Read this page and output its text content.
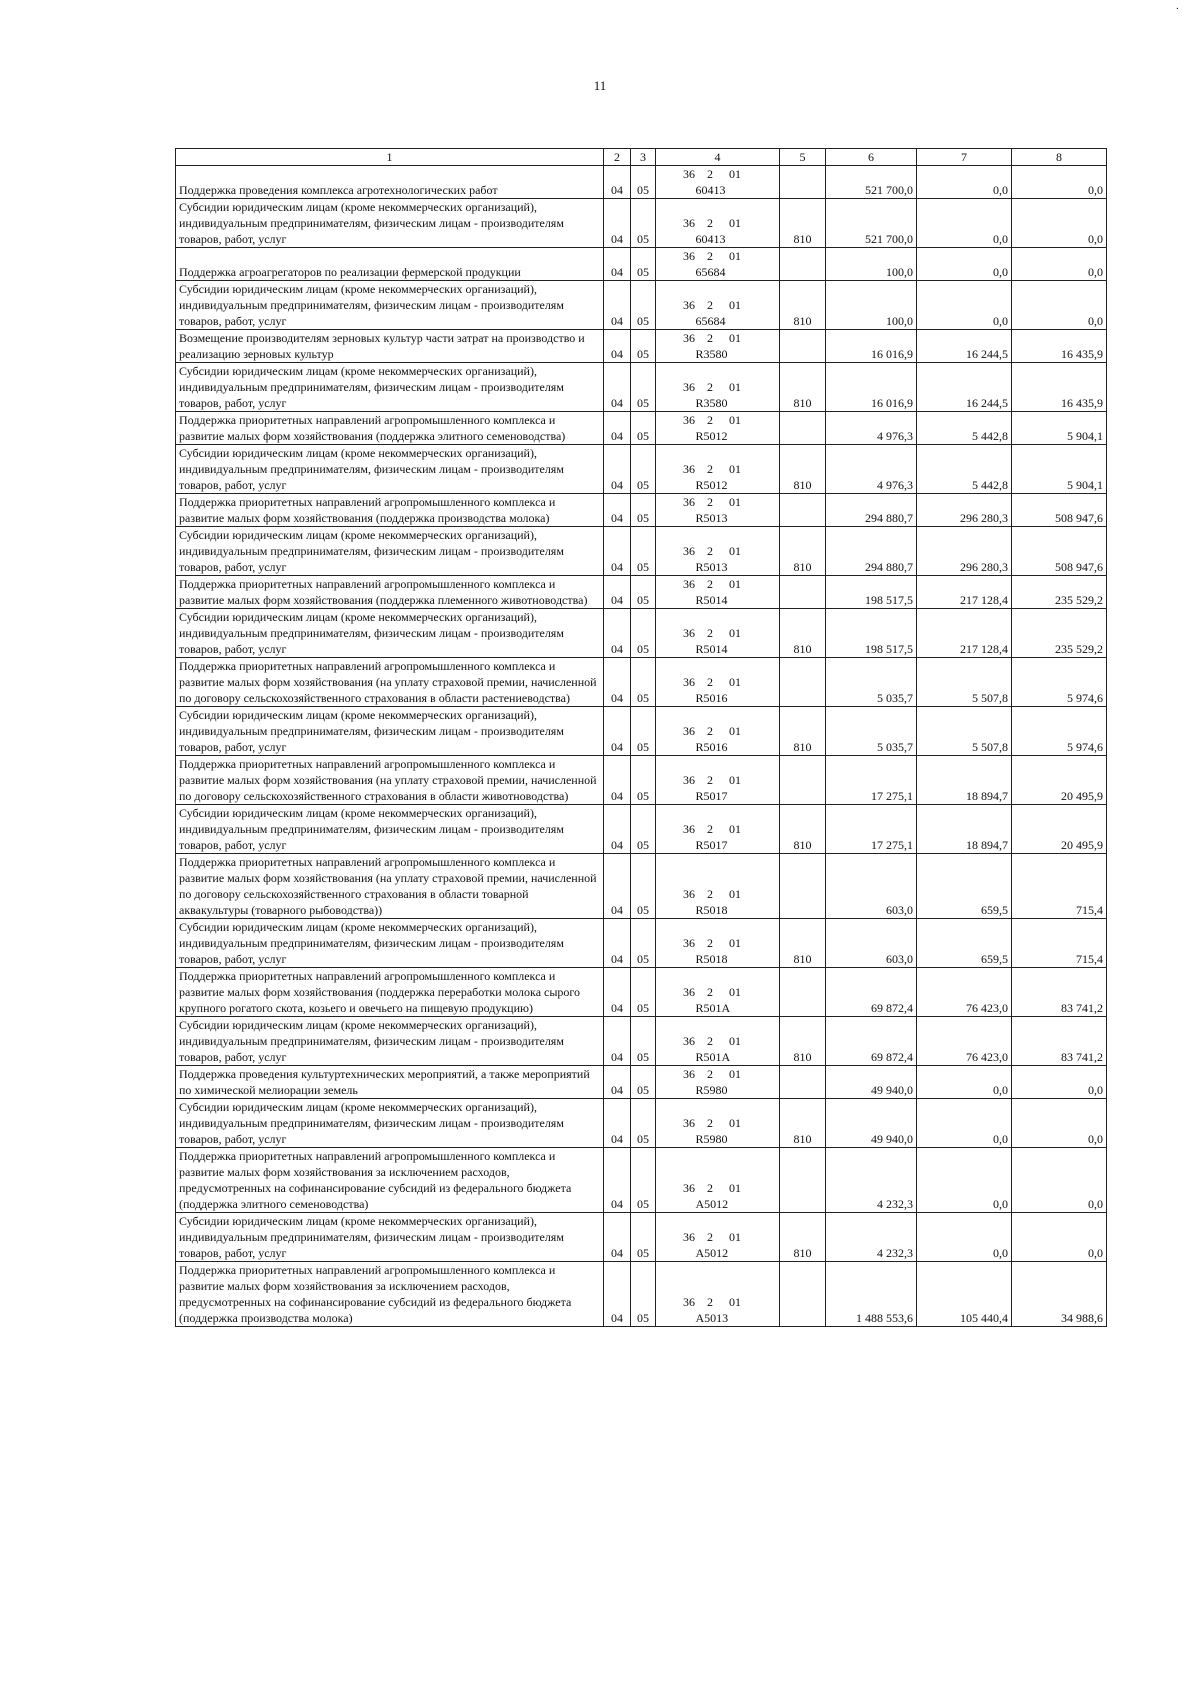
.
11
1	2	3	4	5	6	7	8
Поддержка проведения комплекса агротехнологических работ	04	05	36 2 0160413		521 700,0	0,0	0,0
Субсидии юридическим лицам (кроме некоммерческих организаций), индивидуальным предпринимателям, физическим лицам - производителям товаров, работ, услуг	04	05	36 2 0160413	810	521 700,0	0,0	0,0
Поддержка агроагрегаторов по реализации фермерской продукции	04	05	36 2 0165684		100,0	0,0	0,0
Субсидии юридическим лицам (кроме некоммерческих организаций), индивидуальным предпринимателям, физическим лицам - производителям товаров, работ, услуг	04	05	36 2 0165684	810	100,0	0,0	0,0
Возмещение производителям зерновых культур части затрат на производство и реализацию зерновых культур	04	05	36 2 01R3580		16 016,9	16 244,5	16 435,9
Субсидии юридическим лицам (кроме некоммерческих организаций), индивидуальным предпринимателям, физическим лицам - производителям товаров, работ, услуг	04	05	36 2 01R3580	810	16 016,9	16 244,5	16 435,9
Поддержка приоритетных направлений агропромышленного комплекса и развитие малых форм хозяйствования (поддержка элитного семеноводства)	04	05	36 2 01R5012		4 976,3	5 442,8	5 904,1
Субсидии юридическим лицам (кроме некоммерческих организаций), индивидуальным предпринимателям, физическим лицам - производителям товаров, работ, услуг	04	05	36 2 01R5012	810	4 976,3	5 442,8	5 904,1
Поддержка приоритетных направлений агропромышленного комплекса и развитие малых форм хозяйствования (поддержка производства молока)	04	05	36 2 01R5013		294 880,7	296 280,3	508 947,6
Субсидии юридическим лицам (кроме некоммерческих организаций), индивидуальным предпринимателям, физическим лицам - производителям товаров, работ, услуг	04	05	36 2 01R5013	810	294 880,7	296 280,3	508 947,6
Поддержка приоритетных направлений агропромышленного комплекса и развитие малых форм хозяйствования (поддержка племенного животноводства)	04	05	36 2 01R5014		198 517,5	217 128,4	235 529,2
Субсидии юридическим лицам (кроме некоммерческих организаций), индивидуальным предпринимателям, физическим лицам - производителям товаров, работ, услуг	04	05	36 2 01R5014	810	198 517,5	217 128,4	235 529,2
Поддержка приоритетных направлений агропромышленного комплекса и развитие малых форм хозяйствования (на уплату страховой премии, начисленной по договору сельскохозяйственного страхования в области растениеводства)	04	05	36 2 01R5016		5 035,7	5 507,8	5 974,6
Субсидии юридическим лицам (кроме некоммерческих организаций), индивидуальным предпринимателям, физическим лицам - производителям товаров, работ, услуг	04	05	36 2 01R5016	810	5 035,7	5 507,8	5 974,6
Поддержка приоритетных направлений агропромышленного комплекса и развитие малых форм хозяйствования (на уплату страховой премии, начисленной по договору сельскохозяйственного страхования в области животноводства)	04	05	36 2 01R5017		17 275,1	18 894,7	20 495,9
Субсидии юридическим лицам (кроме некоммерческих организаций), индивидуальным предпринимателям, физическим лицам - производителям товаров, работ, услуг	04	05	36 2 01R5017	810	17 275,1	18 894,7	20 495,9
Поддержка приоритетных направлений агропромышленного комплекса и развитие малых форм хозяйствования (на уплату страховой премии, начисленной по договору сельскохозяйственного страхования в области товарной аквакультуры (товарного рыбоводства))	04	05	36 2 01R5018		603,0	659,5	715,4
Субсидии юридическим лицам (кроме некоммерческих организаций), индивидуальным предпринимателям, физическим лицам - производителям товаров, работ, услуг	04	05	36 2 01R5018	810	603,0	659,5	715,4
Поддержка приоритетных направлений агропромышленного комплекса и развитие малых форм хозяйствования (поддержка переработки молока сырого крупного рогатого скота, козьего и овечьего на пищевую продукцию)	04	05	36 2 01R501A		69 872,4	76 423,0	83 741,2
Субсидии юридическим лицам (кроме некоммерческих организаций), индивидуальным предпринимателям, физическим лицам - производителям товаров, работ, услуг	04	05	36 2 01R501A	810	69 872,4	76 423,0	83 741,2
Поддержка проведения культуртехнических мероприятий, а также мероприятий по химической мелиорации земель	04	05	36 2 01R5980		49 940,0	0,0	0,0
Субсидии юридическим лицам (кроме некоммерческих организаций), индивидуальным предпринимателям, физическим лицам - производителям товаров, работ, услуг	04	05	36 2 01R5980	810	49 940,0	0,0	0,0
Поддержка приоритетных направлений агропромышленного комплекса и развитие малых форм хозяйствования за исключением расходов, предусмотренных на софинансирование субсидий из федерального бюджета (поддержка элитного семеноводства)	04	05	36 2 01A5012		4 232,3	0,0	0,0
Субсидии юридическим лицам (кроме некоммерческих организаций), индивидуальным предпринимателям, физическим лицам - производителям товаров, работ, услуг	04	05	36 2 01A5012	810	4 232,3	0,0	0,0
Поддержка приоритетных направлений агропромышленного комплекса и развитие малых форм хозяйствования за исключением расходов, предусмотренных на софинансирование субсидий из федерального бюджета (поддержка производства молока)	04	05	36 2 01A5013		1 488 553,6	105 440,4	34 988,6
